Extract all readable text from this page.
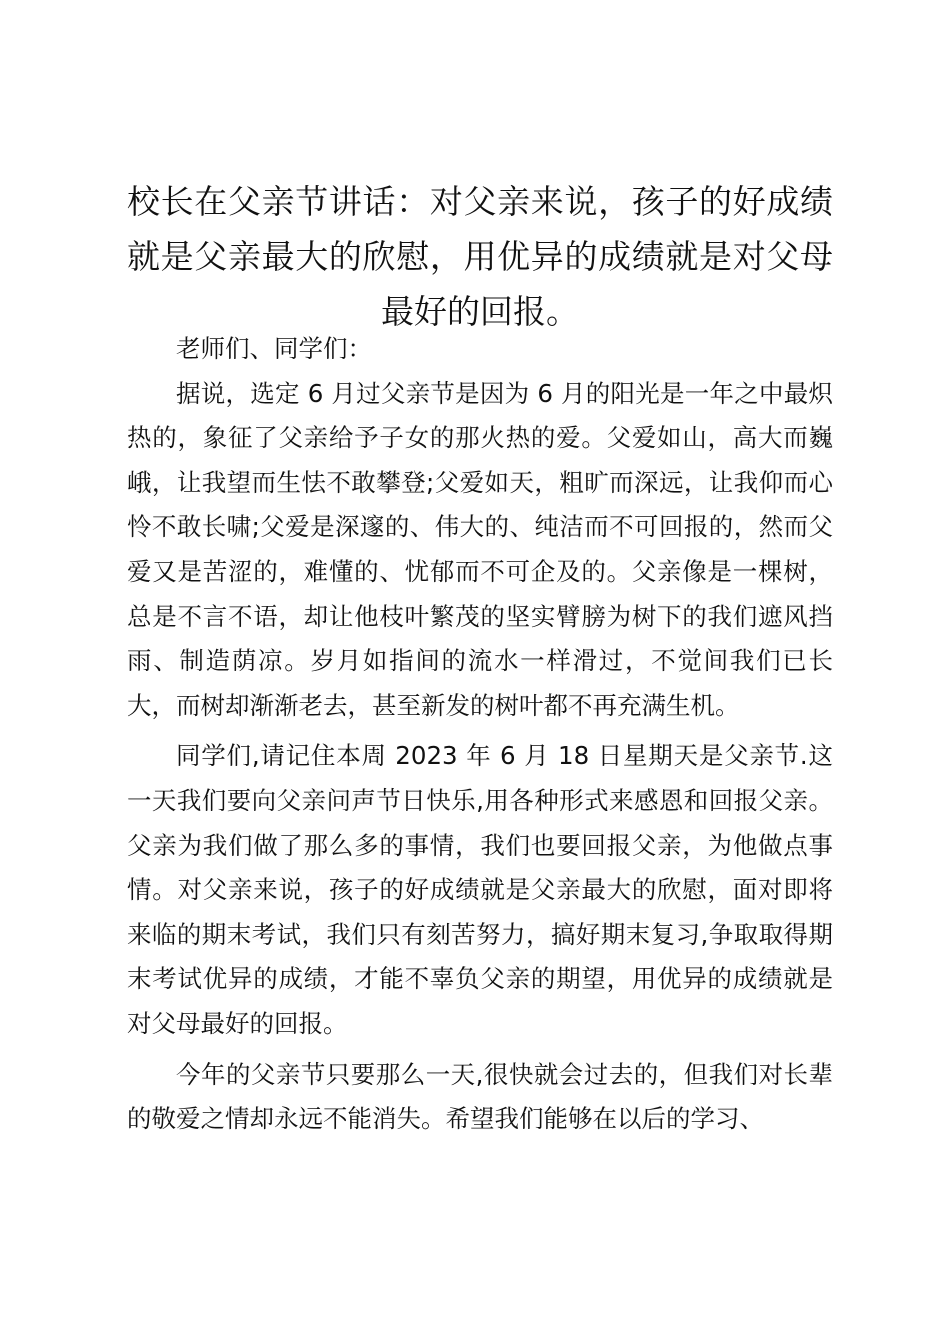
校长在父亲节讲话：对父亲来说，孩子的好成绩就是父亲最大的欣慰，用优异的成绩就是对父母最好的回报。

老师们、同学们：

据说，选定 6 月过父亲节是因为 6 月的阳光是一年之中最炽热的，象征了父亲给予子女的那火热的爱。父爱如山，高大而巍峨，让我望而生怯不敢攀登;父爱如天，粗旷而深远，让我仰而心怜不敢长啸;父爱是深邃的、伟大的、纯洁而不可回报的，然而父爱又是苦涩的，难懂的、忧郁而不可企及的。父亲像是一棵树，总是不言不语，却让他枝叶繁茂的坚实臂膀为树下的我们遮风挡雨、制造荫凉。岁月如指间的流水一样滑过，不觉间我们已长大，而树却渐渐老去，甚至新发的树叶都不再充满生机。

同学们,请记住本周 2023 年 6 月 18 日星期天是父亲节.这一天我们要向父亲问声节日快乐,用各种形式来感恩和回报父亲。父亲为我们做了那么多的事情，我们也要回报父亲，为他做点事情。对父亲来说，孩子的好成绩就是父亲最大的欣慰，面对即将来临的期末考试，我们只有刻苦努力，搞好期末复习,争取取得期末考试优异的成绩，才能不辜负父亲的期望，用优异的成绩就是对父母最好的回报。

今年的父亲节只要那么一天,很快就会过去的，但我们对长辈的敬爱之情却永远不能消失。希望我们能够在以后的学习、
